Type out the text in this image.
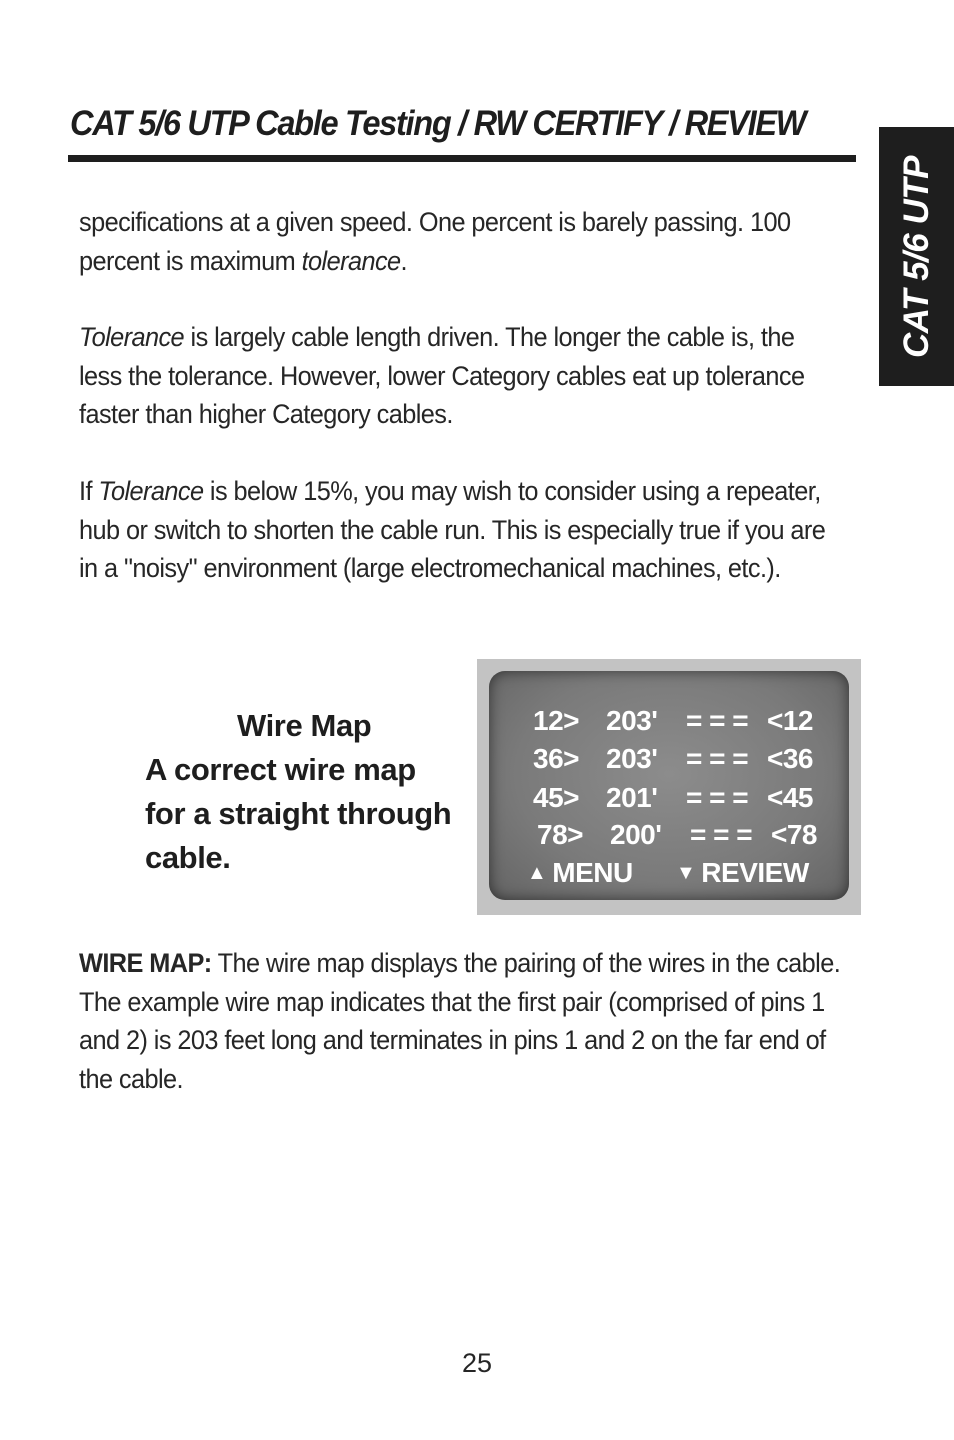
CAT 5/6 UTP Cable Testing / RW CERTIFY / REVIEW
CAT 5/6 UTP

specifications at a given speed. One percent is barely passing. 100 percent is maximum tolerance.

Tolerance is largely cable length driven. The longer the cable is, the less the tolerance. However, lower Category cables eat up tolerance faster than higher Category cables.

If Tolerance is below 15%, you may wish to consider using a repeater, hub or switch to shorten the cable run. This is especially true if you are in a "noisy" environment (large electromechanical machines, etc.).

Wire Map
A correct wire map
for a straight through
cable.
12> 203' = = = <12
36> 203' = = = <36
45> 201' = = = <45
78> 200' = = = <78
▲ MENU ▼ REVIEW

WIRE MAP: The wire map displays the pairing of the wires in the cable. The example wire map indicates that the first pair (comprised of pins 1 and 2) is 203 feet long and terminates in pins 1 and 2 on the far end of the cable.

25
